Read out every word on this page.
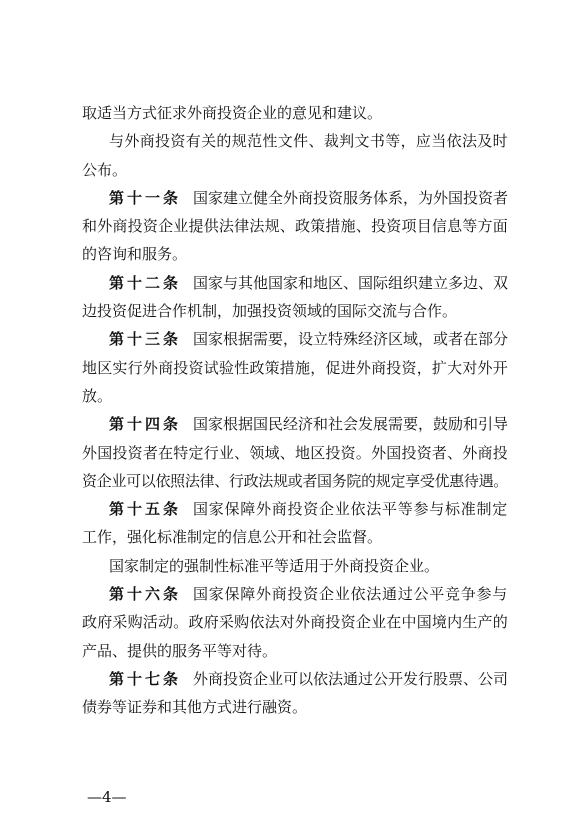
取适当方式征求外商投资企业的意见和建议。
与外商投资有关的规范性文件、裁判文书等，应当依法及时
公布。
第十一条 国家建立健全外商投资服务体系，为外国投资者
和外商投资企业提供法律法规、政策措施、投资项目信息等方面
的咨询和服务。
第十二条 国家与其他国家和地区、国际组织建立多边、双
边投资促进合作机制，加强投资领域的国际交流与合作。
第十三条 国家根据需要，设立特殊经济区域，或者在部分
地区实行外商投资试验性政策措施，促进外商投资，扩大对外开
放。
第十四条 国家根据国民经济和社会发展需要，鼓励和引导
外国投资者在特定行业、领域、地区投资。外国投资者、外商投
资企业可以依照法律、行政法规或者国务院的规定享受优惠待遇。
第十五条 国家保障外商投资企业依法平等参与标准制定
工作，强化标准制定的信息公开和社会监督。
国家制定的强制性标准平等适用于外商投资企业。
第十六条 国家保障外商投资企业依法通过公平竞争参与
政府采购活动。政府采购依法对外商投资企业在中国境内生产的
产品、提供的服务平等对待。
第十七条 外商投资企业可以依法通过公开发行股票、公司
债券等证券和其他方式进行融资。
—4—
